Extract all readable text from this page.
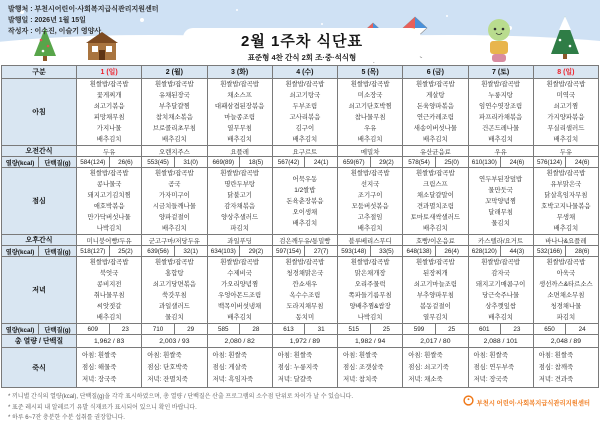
발행처 : 부천시어린이·사회복지급식관리지원센터
발행일 : 2026년 1월 15일
작성자 : 이수진, 이슬기 영양사
2월 1주차 식단표
표준형 4찬 간식 2회 조·중·석식형
구분		1 (일)		2 (월)		3 (화)		4 (수)		5 (목)		6 (금)		7 (토)		8 (일)	
아침	
흰쌀밥/잡곡밥
꽃게찌개
쇠고기볶음
피망채무침
가지나물
배추김치

흰쌀밥/잡곡밥
유채된장국
부추달걀찜
참치채소볶음
브로콜리초무침
배추김치

흰쌀밥/잡곡밥
채소스프
대패삼겹된장볶음
마늘종조림
열무무침
배추김치

흰쌀밥/잡곡밥
쇠고기탕국
두부조림
고사리볶음
김구이
배추김치

흰쌀밥/잡곡밥
미소장국
쇠고기단호박찜
참나물무침
우유
배추김치

흰쌀밥/잡곡밥
게살탕
돈육양파볶음
연근카레조림
새송이버섯나물
배추김치

흰쌀밥/잡곡밥
누룽지탕
임연수엿장조림
파프리카채볶음
건곤드레나물
배추김치

흰쌀밥/잡곡밥
미역국
쇠고기찜
가지양파볶음
무실리샐러드
배추김치

오전간식		두유		오렌지주스		요플레		요구르트		메밀차		유산균음료		우유		두유	
열량(kcal)	단백질(g)	584(124)	26(6)	553(45)	31(0)	669(89)	18(5)	567(42)	24(1)	659(67)	29(2)	578(54)	25(0)	610(130)	24(6)	576(124)	24(6)
점심	
흰쌀밥/잡곡밥
콩나물국
돼지고기김치찜
애호박볶음
만가닥버섯나물
나박김치

흰쌀밥/잡곡밥
곰국
가자미구이
시금치들깨나물
양파겉절이
배추김치

흰쌀밥/잡곡밥
명란두부탕
닭불고기
감자채볶음
양상추샐러드
파김치

어묵우동
1/2쌀밥
돈육춘장볶음
오이생채
배추김치

흰쌀밥/잡곡밥
선지국
조기구이
모둠버섯볶음
고추절임
배추김치

흰쌀밥/잡곡밥
크림스프
채소달걀말이
견과멸치조림
토마토새싹샐러드
배추김치

연두부된장덮밥
물만둣국
꼬막양념찜
달래무침
물김치

흰쌀밥/잡곡밥
유부맑은국
닭살흑임자무침
호박고지나물볶음
무생채
배추김치

오후간식		미니붕어빵/두유		군고구마/저당두유		과일푸딩		검은깨두유/통밀빵		블루베리스무디		호빵/이온음료		카스텔라/요거트		바나나&요플레	
열량(kcal)	단백질(g)	518(127)	25(2)	639(56)	32(1)	634(103)	29(2)	597(154)	27(7)	593(148)	33(5)	648(138)	26(4)	628(120)	44(3)	532(166)	28(6)
저녁	
흰쌀밥/잡곡밥
북엇국
콩비지전
취나물무침
씨앗젓갈
배추김치

흰쌀밥/잡곡밥
홍합탕
쇠고기당면볶음
쑥갓무침
과일샐러드
물김치

흰쌀밥/잡곡밥
수제비국
가오리양념찜
우엉아몬드조림
백목이버섯냉채
배추김치

흰쌀밥/잡곡밥
청경채맑은국
깐쇼새우
옥수수조림
도라지채무침
동치미

흰쌀밥/잡곡밥
맑은채개장
오리주물럭
쪽파들기름무침
양배추찜&쌈장
나박김치

흰쌀밥/잡곡밥
된장찌개
쇠고기마늘조림
부추양파무침
봄동겉절이
열무김치

흰쌀밥/잡곡밥
감자국
돼지고기매콤구이
당근숙주나물
상추깻잎쌈
배추김치

흰쌀밥/잡곡밥
아욱국
생선까스&타르소스
소면채소무침
청경채나물
파김치

열량(kcal)	단백질(g)	609	23	710	29	585	28	613	31	515	25	599	25	601	23	650	24
총 열량 / 단백질		1,962 / 83		2,003 / 93		2,080 / 82		1,972 / 89		1,982 / 94		2,017 / 80		2,088 / 101		2,048 / 89	
죽식	
아침: 흰쌀죽
점심: 해물죽
저녁: 장국죽

아침: 흰쌀죽
점심: 단호박죽
저녁: 잔멸치죽

아침: 흰쌀죽
점심: 게살죽
저녁: 흑임자죽

아침: 흰쌀죽
점심: 누룽지죽
저녁: 달걀죽

아침: 흰쌀죽
점심: 조갯살죽
저녁: 참치죽

아침: 흰쌀죽
점심: 쇠고기죽
저녁: 채소죽

아침: 흰쌀죽
점심: 연두부죽
저녁: 장국죽

아침: 흰쌀죽
점심: 참깨죽
저녁: 견과죽
* 끼니별 간식의 열량(kcal), 단백질(g)을 각각 표시하였으며, 총 열량 / 단백질은 산출 프로그램의 소수점 단위로 차이가 날 수 있습니다.
* 표준 레시피 내 알레르기 유발 식재료가 표시되어 있으니 확인 바랍니다.
* 하루 6~7잔 충분한 수분 섭취를 권장합니다.
부천시 어린이·사회복지급식관리지원센터
